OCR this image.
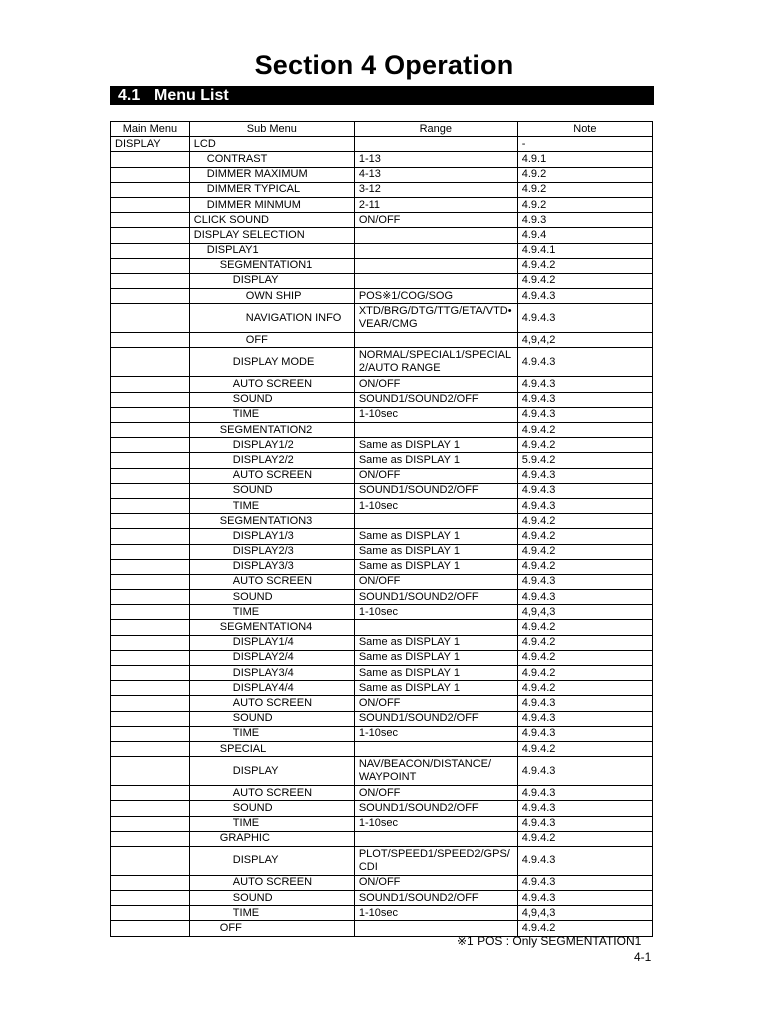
Section 4 Operation
4.1 Menu List
Main Menu	Sub Menu	Range	Note
DISPLAY	LCD		-
	CONTRAST	1-13	4.9.1
	DIMMER MAXIMUM	4-13	4.9.2
	DIMMER TYPICAL	3-12	4.9.2
	DIMMER MINMUM	2-11	4.9.2
	CLICK SOUND	ON/OFF	4.9.3
	DISPLAY SELECTION		4.9.4
	DISPLAY1		4.9.4.1
	SEGMENTATION1		4.9.4.2
	DISPLAY		4.9.4.2
	OWN SHIP	POS※1/COG/SOG	4.9.4.3
	NAVIGATION INFO	XTD/BRG/DTG/TTG/ETA/VTD• VEAR/CMG	4.9.4.3
	OFF		4,9,4,2
	DISPLAY MODE	NORMAL/SPECIAL1/SPECIAL 2/AUTO RANGE	4.9.4.3
	AUTO SCREEN	ON/OFF	4.9.4.3
	SOUND	SOUND1/SOUND2/OFF	4.9.4.3
	TIME	1-10sec	4.9.4.3
	SEGMENTATION2		4.9.4.2
	DISPLAY1/2	Same as DISPLAY 1	4.9.4.2
	DISPLAY2/2	Same as DISPLAY 1	5.9.4.2
	AUTO SCREEN	ON/OFF	4.9.4.3
	SOUND	SOUND1/SOUND2/OFF	4.9.4.3
	TIME	1-10sec	4.9.4.3
	SEGMENTATION3		4.9.4.2
	DISPLAY1/3	Same as DISPLAY 1	4.9.4.2
	DISPLAY2/3	Same as DISPLAY 1	4.9.4.2
	DISPLAY3/3	Same as DISPLAY 1	4.9.4.2
	AUTO SCREEN	ON/OFF	4.9.4.3
	SOUND	SOUND1/SOUND2/OFF	4.9.4.3
	TIME	1-10sec	4,9,4,3
	SEGMENTATION4		4.9.4.2
	DISPLAY1/4	Same as DISPLAY 1	4.9.4.2
	DISPLAY2/4	Same as DISPLAY 1	4.9.4.2
	DISPLAY3/4	Same as DISPLAY 1	4.9.4.2
	DISPLAY4/4	Same as DISPLAY 1	4.9.4.2
	AUTO SCREEN	ON/OFF	4.9.4.3
	SOUND	SOUND1/SOUND2/OFF	4.9.4.3
	TIME	1-10sec	4.9.4.3
	SPECIAL		4.9.4.2
	DISPLAY	NAV/BEACON/DISTANCE/ WAYPOINT	4.9.4.3
	AUTO SCREEN	ON/OFF	4.9.4.3
	SOUND	SOUND1/SOUND2/OFF	4.9.4.3
	TIME	1-10sec	4.9.4.3
	GRAPHIC		4.9.4.2
	DISPLAY	PLOT/SPEED1/SPEED2/GPS/ CDI	4.9.4.3
	AUTO SCREEN	ON/OFF	4.9.4.3
	SOUND	SOUND1/SOUND2/OFF	4.9.4.3
	TIME	1-10sec	4,9,4,3
	OFF		4.9.4.2
※1 POS : Only SEGMENTATION1
4-1
